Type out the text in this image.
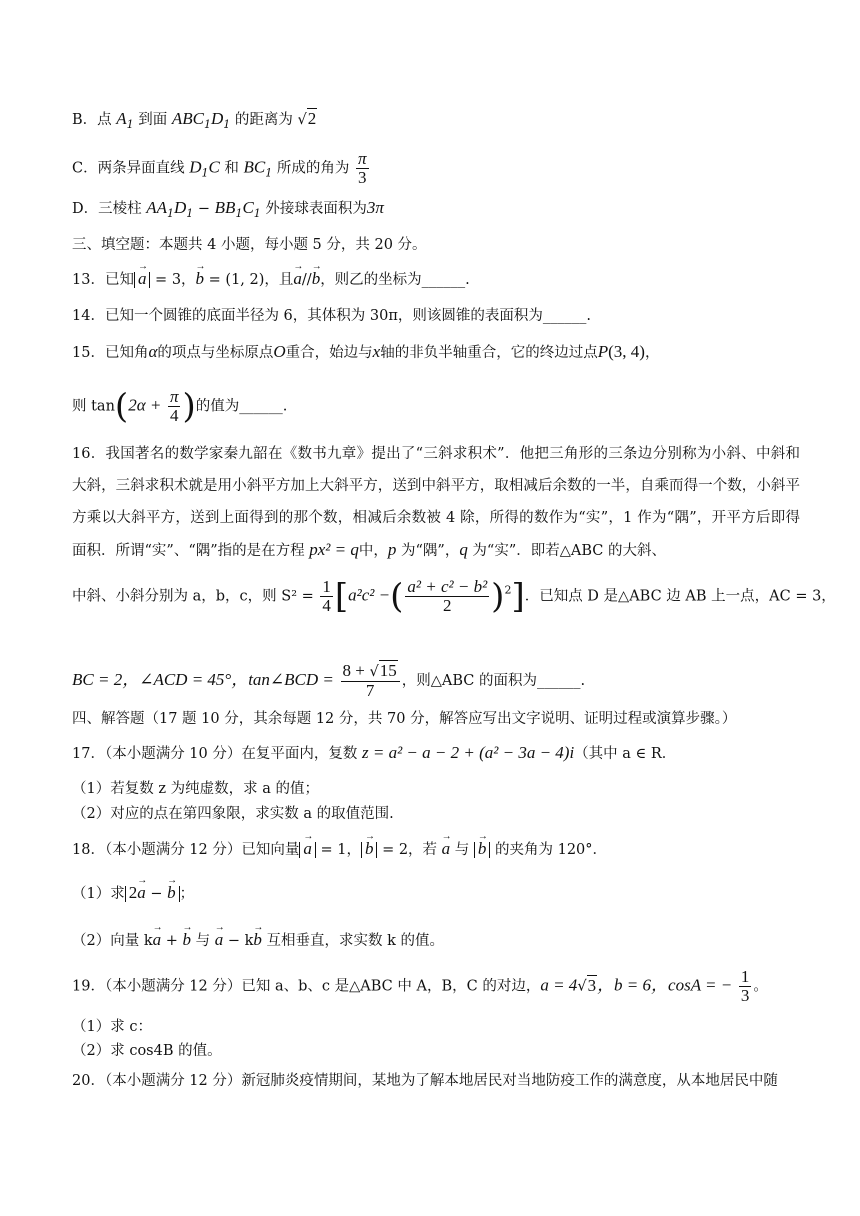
B．点 $A_1$ 到面 $ABC_1D_1$ 的距离为 √2
C．两条异面直线 $D_1C$ 和 $BC_1$ 所成的角为 $\frac{\pi}{3}$
D．三棱柱 $AA_1D_1 - BB_1C_1$ 外接球表面积为3π
三、填空题：本题共 4 小题，每小题 5 分，共 20 分。
13．已知 → a = 3，→ b = (1, 2)，且→ a//→ b，则乙的坐标为______.
14．已知一个圆锥的底面半径为 6，其体积为 30π，则该圆锥的表面积为______.
15．已知角α的项点与坐标原点O重合，始边与x轴的非负半轴重合，它的终边过点P(3, 4)，
则 $\tan(2\alpha + \frac{\pi}{4}$ )的值为______.
16．我国著名的数学家秦九韶在《数书九章》提出了“三斜求积术”．他把三角形的三条边分别称为小斜、中斜和大斜，三斜求积术就是用小斜平方加上大斜平方，送到中斜平方，取相减后余数的一半，自乘而得一个数，小斜平方乘以大斜平方，送到上面得到的那个数，相减后余数被 4 除，所得的数作为“实”，1 作为“隅”，开平方后即得面积．所谓“实”、“隅”指的是在方程 px² = q中，p 为“隅”，q 为“实”．即若△ABC 的大斜、
中斜、小斜分别为 a，b，c，则 $S^2 = \frac{1}{4} [a^2c^2$ −( $\frac{\text{a² + c² − b²}}{2} )^2$]．已知点 D 是△ABC 边 AB 上一点，AC = 3，
BC = 2，∠ACD = 45°，tan∠BCD = $\frac{8 + √15}{7}$ ，则△ABC 的面积为______.
四、解答题（17 题 10 分，其余每题 12 分，共 70 分，解答应写出文字说明、证明过程或演算步骤。）
17．（本小题满分 10 分）在复平面内，复数 z = a² − a − 2 + (a² − 3a − 4)i（其中 a ∈ R．
（1）若复数 z 为纯虚数，求 a 的值；
（2）对应的点在第四象限，求实数 a 的取值范围.
18．（本小题满分 12 分）已知向量 → a = 1， → b = 2，若 → a 与 → b 的夹角为 120°．
（1）求 2→ a − → b ；
（2）向量 k→ a + → b 与 → a − k→ b 互相垂直，求实数 k 的值。
19．（本小题满分 12 分）已知 a、b、c 是△ABC 中 A，B，C 的对边，a = 4√3，b = 6，cosA = − $\frac{1}{3}$ 。
（1）求 c：
（2）求 cos4B 的值。
20．（本小题满分 12 分）新冠肺炎疫情期间，某地为了解本地居民对当地防疫工作的满意度，从本地居民中随
